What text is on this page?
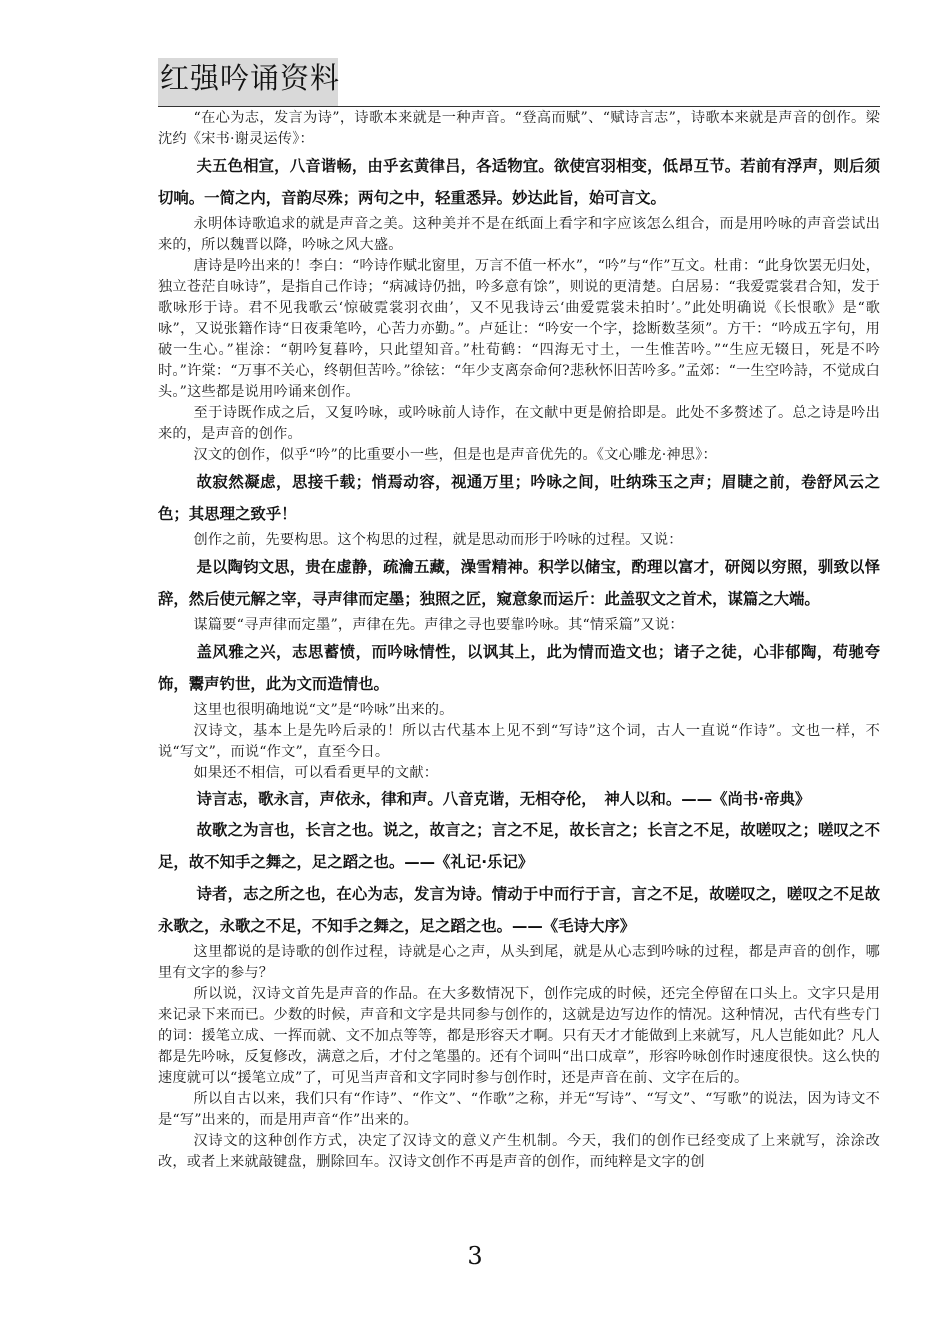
红强吟诵资料

“在心为志，发言为诗”，诗歌本来就是一种声音。“登高而赋”、“赋诗言志”，诗歌本来就是声音的创作。梁沈约《宋书·谢灵运传》：

夫五色相宣，八音谐畅，由乎玄黄律吕，各适物宜。欲使宫羽相变，低昂互节。若前有浮声，则后须切响。一简之内，音韵尽殊；两句之中，轻重悉异。妙达此旨，始可言文。

永明体诗歌追求的就是声音之美。这种美并不是在纸面上看字和字应该怎么组合，而是用吟咏的声音尝试出来的，所以魏晋以降，吟咏之风大盛。

唐诗是吟出来的！李白：“吟诗作赋北窗里，万言不值一杯水”，“吟”与“作”互文。杜甫：“此身饮罢无归处，独立苍茫自咏诗”，是指自己作诗；“病减诗仍拙，吟多意有馀”，则说的更清楚。白居易：“我爱霓裳君合知，发于歌咏形于诗。君不见我歌云‘惊破霓裳羽衣曲’，又不见我诗云‘曲爱霓裳未拍时’。”此处明确说《长恨歌》是“歌咏”，又说张籍作诗“日夜秉笔吟，心苦力亦勤。”。卢延让：“吟安一个字，捻断数茎须”。方干：“吟成五字句，用破一生心。”崔涂：“朝吟复暮吟，只此望知音。”杜荀鹤：“四海无寸土，一生惟苦吟。”“生应无辍日，死是不吟时。”许棠：“万事不关心，终朝但苦吟。”徐铉：“年少支离奈命何?悲秋怀旧苦吟多。”孟郊：“一生空吟詩，不觉成白头。”这些都是说用吟诵来创作。

至于诗既作成之后，又复吟咏，或吟咏前人诗作，在文献中更是俯拾即是。此处不多赘述了。总之诗是吟出来的，是声音的创作。

汉文的创作，似乎“吟”的比重要小一些，但是也是声音优先的。《文心雕龙·神思》：

故寂然凝虑，思接千载；悄焉动容，视通万里；吟咏之间，吐纳珠玉之声；眉睫之前，卷舒风云之色；其思理之致乎！

创作之前，先要构思。这个构思的过程，就是思动而形于吟咏的过程。又说：

是以陶钧文思，贵在虚静，疏瀹五藏，澡雪精神。积学以储宝，酌理以富才，研阅以穷照，驯致以怿辞，然后使元解之宰，寻声律而定墨；独照之匠，窥意象而运斤：此盖驭文之首术，谋篇之大端。

谋篇要“寻声律而定墨”，声律在先。声律之寻也要靠吟咏。其“情采篇”又说：

盖风雅之兴，志思蓄愤，而吟咏情性，以讽其上，此为情而造文也；诸子之徒，心非郁陶，苟驰夸饰，鬻声钓世，此为文而造情也。

这里也很明确地说“文”是“吟咏”出来的。

汉诗文，基本上是先吟后录的！所以古代基本上见不到“写诗”这个词，古人一直说“作诗”。文也一样，不说“写文”，而说“作文”，直至今日。

如果还不相信，可以看看更早的文献：

诗言志，歌永言，声依永，律和声。八音克谐，无相夺伦，　神人以和。——《尚书·帝典》

故歌之为言也，长言之也。说之，故言之；言之不足，故长言之；长言之不足，故嗟叹之；嗟叹之不足，故不知手之舞之，足之蹈之也。——《礼记·乐记》

诗者，志之所之也，在心为志，发言为诗。情动于中而行于言，言之不足，故嗟叹之，嗟叹之不足故永歌之，永歌之不足，不知手之舞之，足之蹈之也。——《毛诗大序》

这里都说的是诗歌的创作过程，诗就是心之声，从头到尾，就是从心志到吟咏的过程，都是声音的创作，哪里有文字的参与？

所以说，汉诗文首先是声音的作品。在大多数情况下，创作完成的时候，还完全停留在口头上。文字只是用来记录下来而已。少数的时候，声音和文字是共同参与创作的，这就是边写边作的情况。这种情况，古代有些专门的词：援笔立成、一挥而就、文不加点等等，都是形容天才啊。只有天才才能做到上来就写，凡人岂能如此？凡人都是先吟咏，反复修改，满意之后，才付之笔墨的。还有个词叫“出口成章”，形容吟咏创作时速度很快。这么快的速度就可以“援笔立成”了，可见当声音和文字同时参与创作时，还是声音在前、文字在后的。

所以自古以来，我们只有“作诗”、“作文”、“作歌”之称，并无“写诗”、“写文”、“写歌”的说法，因为诗文不是“写”出来的，而是用声音“作”出来的。

汉诗文的这种创作方式，决定了汉诗文的意义产生机制。今天，我们的创作已经变成了上来就写，涂涂改改，或者上来就敲键盘，删除回车。汉诗文创作不再是声音的创作，而纯粹是文字的创

3
